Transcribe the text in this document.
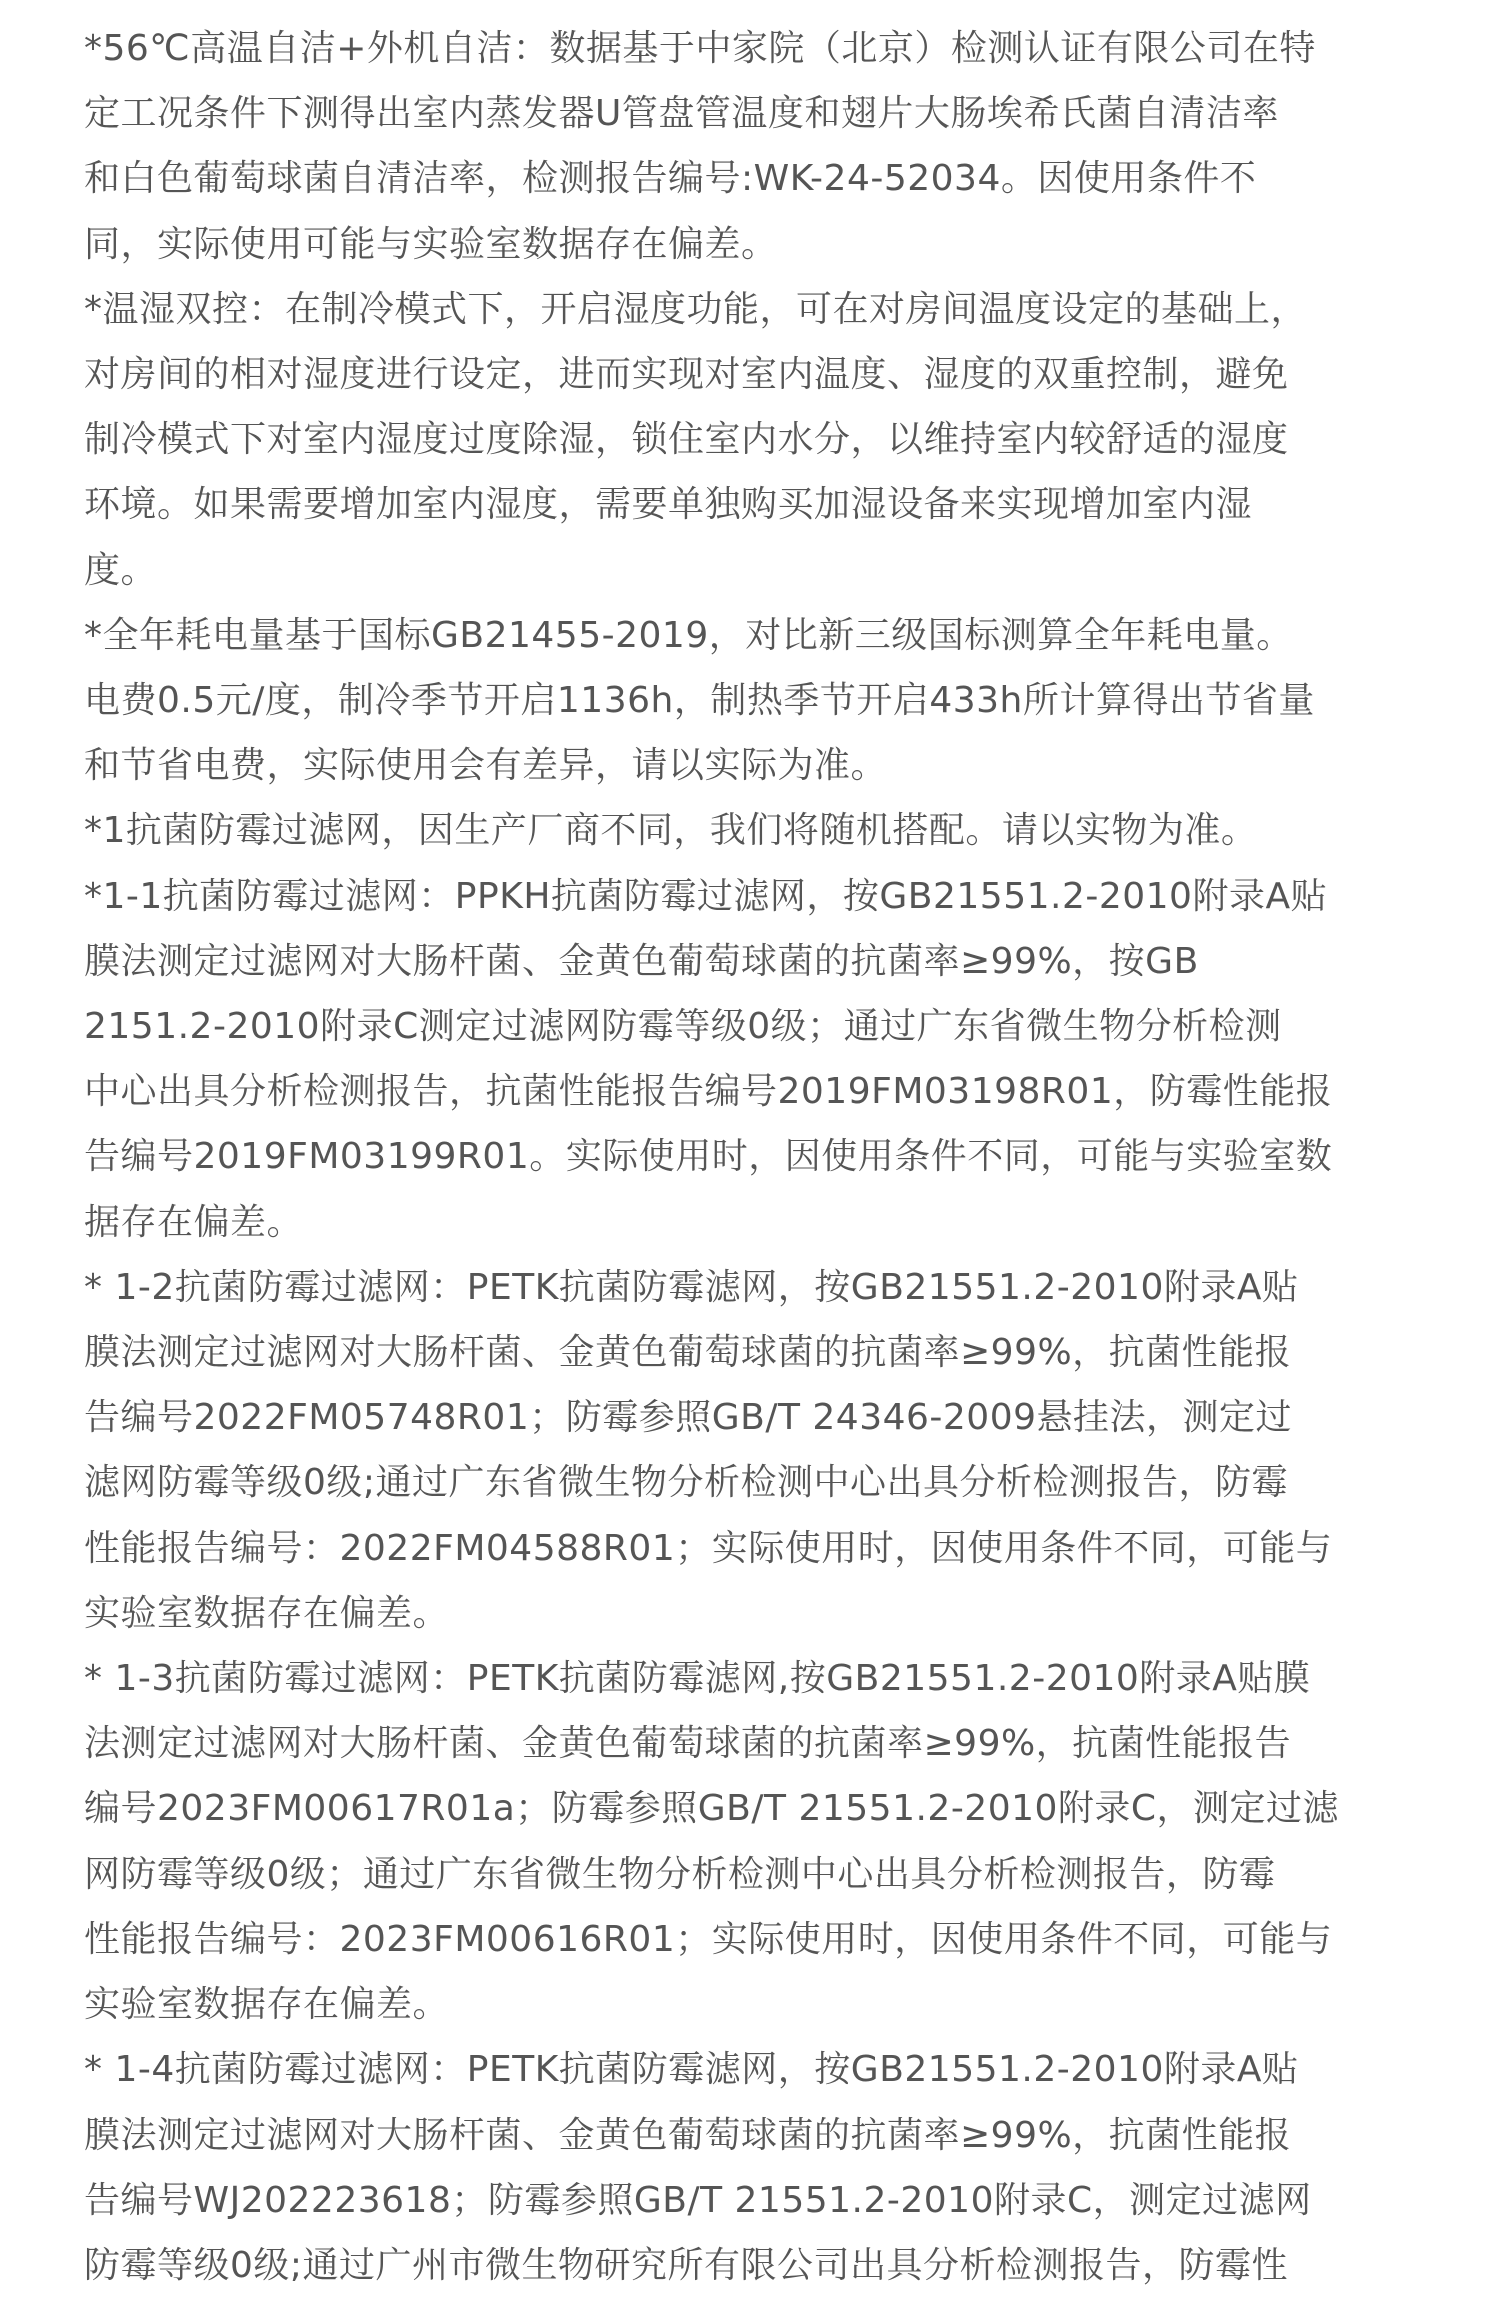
*56℃高温自洁+外机自洁：数据基于中家院（北京）检测认证有限公司在特
定工况条件下测得出室内蒸发器U管盘管温度和翅片大肠埃希氏菌自清洁率
和白色葡萄球菌自清洁率，检测报告编号:WK-24-52034。因使用条件不
同，实际使用可能与实验室数据存在偏差。
*温湿双控：在制冷模式下，开启湿度功能，可在对房间温度设定的基础上，
对房间的相对湿度进行设定，进而实现对室内温度、湿度的双重控制，避免
制冷模式下对室内湿度过度除湿，锁住室内水分，以维持室内较舒适的湿度
环境。如果需要增加室内湿度，需要单独购买加湿设备来实现增加室内湿
度。
*全年耗电量基于国标GB21455-2019，对比新三级国标测算全年耗电量。
电费0.5元/度，制冷季节开启1136h，制热季节开启433h所计算得出节省量
和节省电费，实际使用会有差异，请以实际为准。
*1抗菌防霉过滤网，因生产厂商不同，我们将随机搭配。请以实物为准。
*1-1抗菌防霉过滤网：PPKH抗菌防霉过滤网，按GB21551.2-2010附录A贴
膜法测定过滤网对大肠杆菌、金黄色葡萄球菌的抗菌率≥99%，按GB
2151.2-2010附录C测定过滤网防霉等级0级；通过广东省微生物分析检测
中心出具分析检测报告，抗菌性能报告编号2019FM03198R01，防霉性能报
告编号2019FM03199R01。实际使用时，因使用条件不同，可能与实验室数
据存在偏差。
* 1-2抗菌防霉过滤网：PETK抗菌防霉滤网，按GB21551.2-2010附录A贴
膜法测定过滤网对大肠杆菌、金黄色葡萄球菌的抗菌率≥99%，抗菌性能报
告编号2022FM05748R01；防霉参照GB/T 24346-2009悬挂法，测定过
滤网防霉等级0级;通过广东省微生物分析检测中心出具分析检测报告，防霉
性能报告编号：2022FM04588R01；实际使用时，因使用条件不同，可能与
实验室数据存在偏差。
* 1-3抗菌防霉过滤网：PETK抗菌防霉滤网,按GB21551.2-2010附录A贴膜
法测定过滤网对大肠杆菌、金黄色葡萄球菌的抗菌率≥99%，抗菌性能报告
编号2023FM00617R01a；防霉参照GB/T 21551.2-2010附录C，测定过滤
网防霉等级0级；通过广东省微生物分析检测中心出具分析检测报告，防霉
性能报告编号：2023FM00616R01；实际使用时，因使用条件不同，可能与
实验室数据存在偏差。
* 1-4抗菌防霉过滤网：PETK抗菌防霉滤网，按GB21551.2-2010附录A贴
膜法测定过滤网对大肠杆菌、金黄色葡萄球菌的抗菌率≥99%，抗菌性能报
告编号WJ202223618；防霉参照GB/T 21551.2-2010附录C，测定过滤网
防霉等级0级;通过广州市微生物研究所有限公司出具分析检测报告，防霉性
